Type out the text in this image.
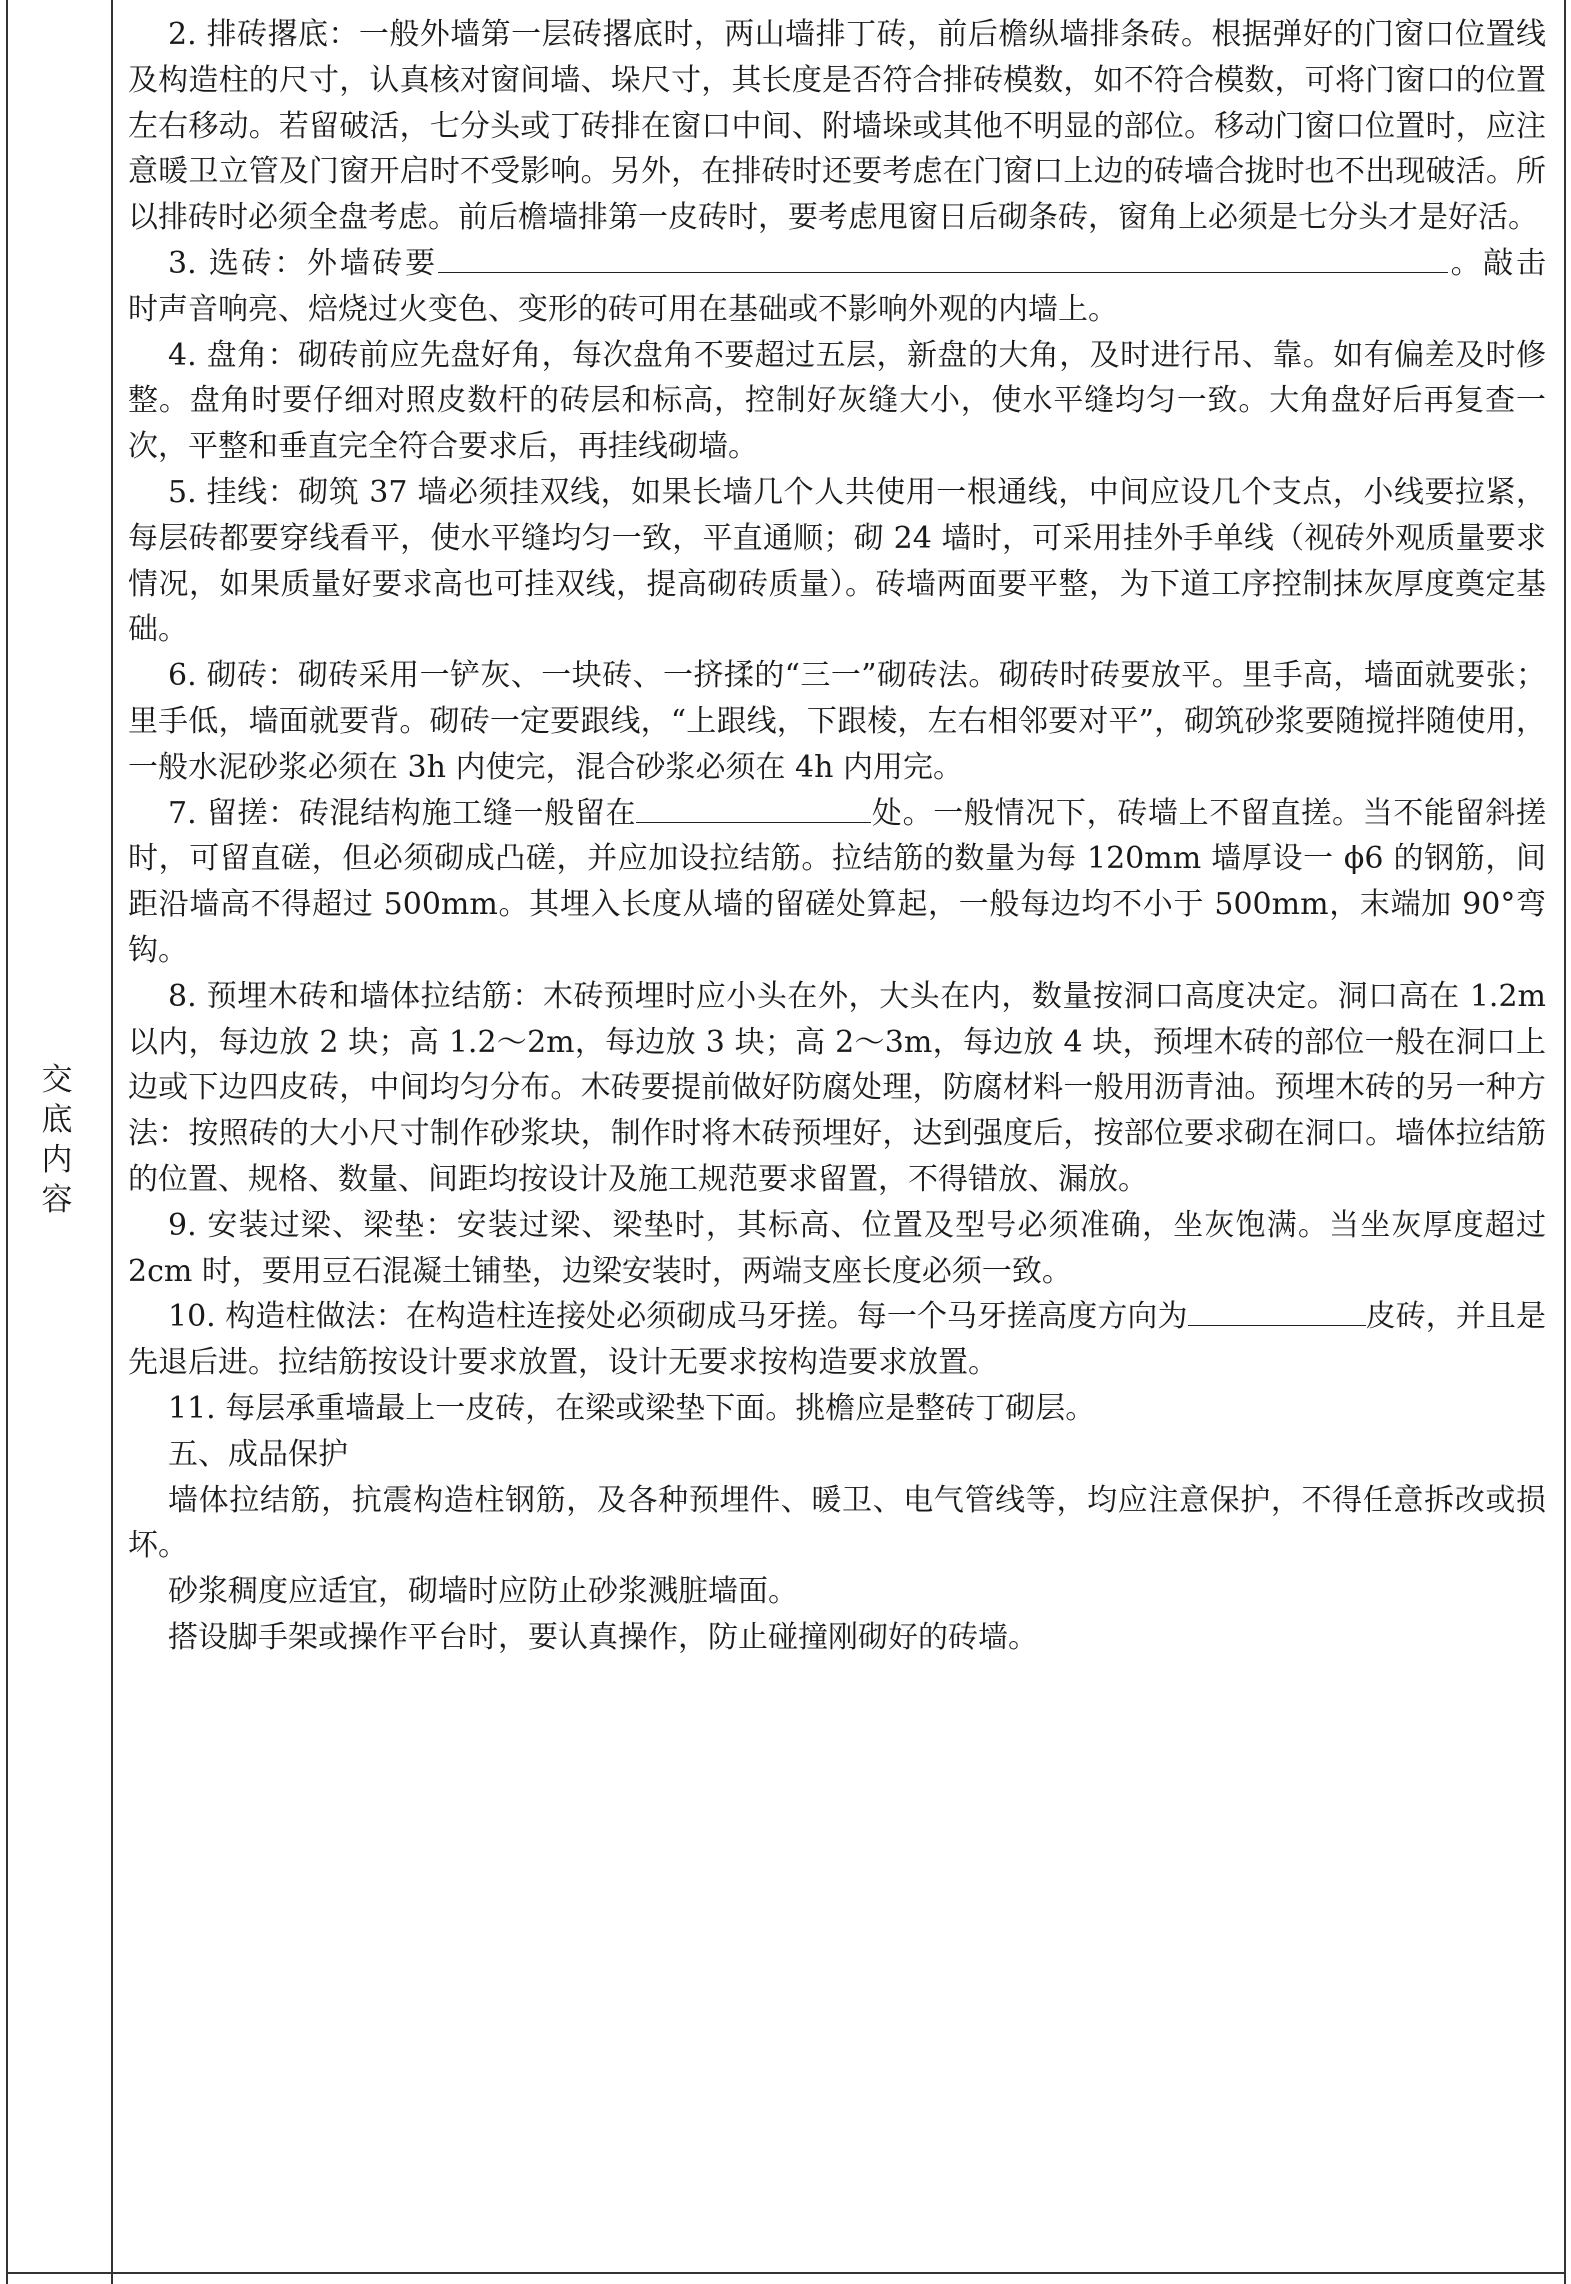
交底
内容

2. 排砖撂底：一般外墙第一层砖撂底时，两山墙排丁砖，前后檐纵墙排条砖。根据弹好的门窗口位置线及构造柱的尺寸，认真核对窗间墙、垛尺寸，其长度是否符合排砖模数，如不符合模数，可将门窗口的位置左右移动。若留破活，七分头或丁砖排在窗口中间、附墙垛或其他不明显的部位。移动门窗口位置时，应注意暖卫立管及门窗开启时不受影响。另外，在排砖时还要考虑在门窗口上边的砖墙合拢时也不出现破活。所以排砖时必须全盘考虑。前后檐墙排第一皮砖时，要考虑甩窗日后砌条砖，窗角上必须是七分头才是好活。

3. 选砖：外墙砖要	。敲击时声音响亮、焙烧过火变色、变形的砖可用在基础或不影响外观的内墙上。

4. 盘角：砌砖前应先盘好角，每次盘角不要超过五层，新盘的大角，及时进行吊、靠。如有偏差及时修整。盘角时要仔细对照皮数杆的砖层和标高，控制好灰缝大小，使水平缝均匀一致。大角盘好后再复查一次，平整和垂直完全符合要求后，再挂线砌墙。

5. 挂线：砌筑 37 墙必须挂双线，如果长墙几个人共使用一根通线，中间应设几个支点，小线要拉紧，每层砖都要穿线看平，使水平缝均匀一致，平直通顺；砌 24 墙时，可采用挂外手单线（视砖外观质量要求情况，如果质量好要求高也可挂双线，提高砌砖质量）。砖墙两面要平整，为下道工序控制抹灰厚度奠定基础。

6. 砌砖：砌砖采用一铲灰、一块砖、一挤揉的“三一”砌砖法。砌砖时砖要放平。里手高，墙面就要张；里手低，墙面就要背。砌砖一定要跟线，“上跟线，下跟棱，左右相邻要对平”，砌筑砂浆要随搅拌随使用，一般水泥砂浆必须在 3h 内使完，混合砂浆必须在 4h 内用完。

7. 留搓：砖混结构施工缝一般留在	处。一般情况下，砖墙上不留直搓。当不能留斜搓时，可留直磋，但必须砌成凸磋，并应加设拉结筋。拉结筋的数量为每 120mm 墙厚设一 ϕ6 的钢筋，间距沿墙高不得超过 500mm。其埋入长度从墙的留磋处算起，一般每边均不小于 500mm，末端加 90°弯钩。

8. 预埋木砖和墙体拉结筋：木砖预埋时应小头在外，大头在内，数量按洞口高度决定。洞口高在 1.2m 以内，每边放 2 块；高 1.2～2m，每边放 3 块；高 2～3m，每边放 4 块，预埋木砖的部位一般在洞口上边或下边四皮砖，中间均匀分布。木砖要提前做好防腐处理，防腐材料一般用沥青油。预埋木砖的另一种方法：按照砖的大小尺寸制作砂浆块，制作时将木砖预埋好，达到强度后，按部位要求砌在洞口。墙体拉结筋的位置、规格、数量、间距均按设计及施工规范要求留置，不得错放、漏放。

9. 安装过梁、梁垫：安装过梁、梁垫时，其标高、位置及型号必须准确，坐灰饱满。当坐灰厚度超过 2cm 时，要用豆石混凝土铺垫，边梁安装时，两端支座长度必须一致。

10. 构造柱做法：在构造柱连接处必须砌成马牙搓。每一个马牙搓高度方向为	皮砖，并且是先退后进。拉结筋按设计要求放置，设计无要求按构造要求放置。

11. 每层承重墙最上一皮砖，在梁或梁垫下面。挑檐应是整砖丁砌层。

五、成品保护

墙体拉结筋，抗震构造柱钢筋，及各种预埋件、暖卫、电气管线等，均应注意保护，不得任意拆改或损坏。

砂浆稠度应适宜，砌墙时应防止砂浆溅脏墙面。

搭设脚手架或操作平台时，要认真操作，防止碰撞刚砌好的砖墙。
